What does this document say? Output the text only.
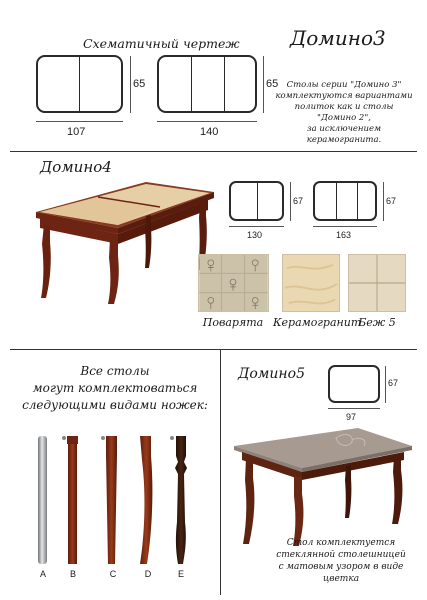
Схематичный чертеж	Домино3
65
107
65
140
Столы серии "Домино 3"
комплектуются вариантами
политок как и столы "Домино 2",
за исключением керамогранита.
Домино4
67
130
67
163
Поварята Керамогранит
Беж 5
Все столы
могут комплектоваться
следующими видами ножек:
A	B	C	D	E
Домино5
67
97
Стол комплектуется
стеклянной столешницей
с матовым узором в виде цветка
